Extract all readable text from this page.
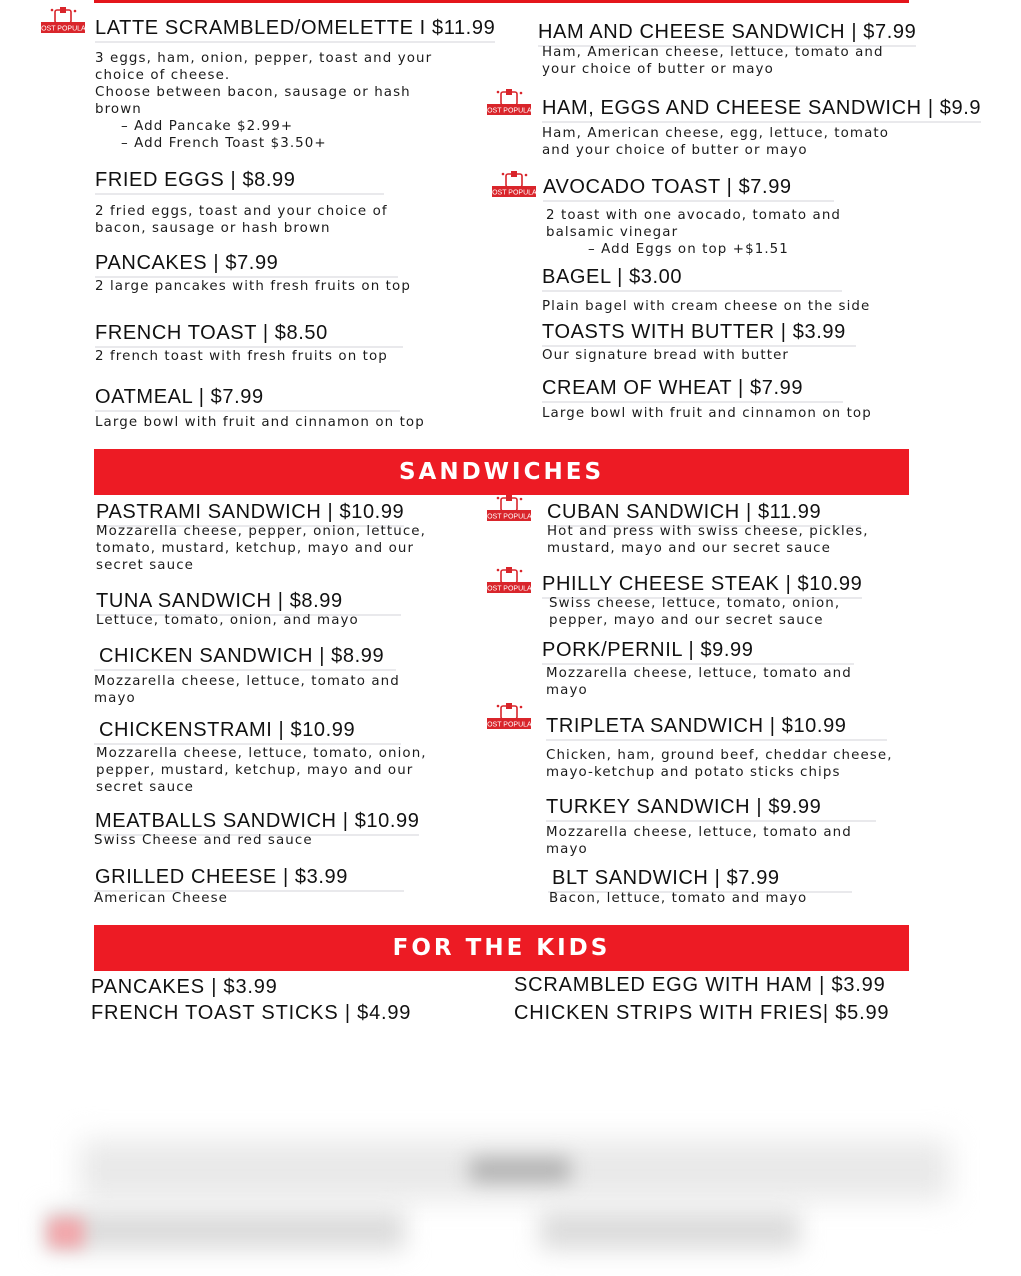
MOST POPULAR LATTE SCRAMBLED/OMELETTE I $11.99
3 eggs, ham, onion, pepper, toast and your
choice of cheese.
Choose between bacon, sausage or hash
brown
– Add Pancake $2.99+
– Add French Toast $3.50+
FRIED EGGS | $8.99
2 fried eggs, toast and your choice of
bacon, sausage or hash brown
PANCAKES | $7.99
2 large pancakes with fresh fruits on top
FRENCH TOAST | $8.50
2 french toast with fresh fruits on top
OATMEAL | $7.99
Large bowl with fruit and cinnamon on top
HAM AND CHEESE SANDWICH | $7.99
Ham, American cheese, lettuce, tomato and
your choice of butter or mayo
MOST POPULAR HAM, EGGS AND CHEESE SANDWICH | $9.9
Ham, American cheese, egg, lettuce, tomato
and your choice of butter or mayo
MOST POPULAR AVOCADO TOAST | $7.99
2 toast with one avocado, tomato and
balsamic vinegar
– Add Eggs on top +$1.51
BAGEL | $3.00
Plain bagel with cream cheese on the side
TOASTS WITH BUTTER | $3.99
Our signature bread with butter
CREAM OF WHEAT | $7.99
Large bowl with fruit and cinnamon on top
SANDWICHES
PASTRAMI SANDWICH | $10.99
Mozzarella cheese, pepper, onion, lettuce,
tomato, mustard, ketchup, mayo and our
secret sauce
TUNA SANDWICH | $8.99
Lettuce, tomato, onion, and mayo
CHICKEN SANDWICH | $8.99
Mozzarella cheese, lettuce, tomato and
mayo
CHICKENSTRAMI | $10.99
Mozzarella cheese, lettuce, tomato, onion,
pepper, mustard, ketchup, mayo and our
secret sauce
MEATBALLS SANDWICH | $10.99
Swiss Cheese and red sauce
GRILLED CHEESE | $3.99
American Cheese
MOST POPULAR CUBAN SANDWICH | $11.99
Hot and press with swiss cheese, pickles,
mustard, mayo and our secret sauce
MOST POPULAR PHILLY CHEESE STEAK | $10.99
Swiss cheese, lettuce, tomato, onion,
pepper, mayo and our secret sauce
PORK/PERNIL | $9.99
Mozzarella cheese, lettuce, tomato and
mayo
MOST POPULAR TRIPLETA SANDWICH | $10.99
Chicken, ham, ground beef, cheddar cheese,
mayo-ketchup and potato sticks chips
TURKEY SANDWICH | $9.99
Mozzarella cheese, lettuce, tomato and
mayo
BLT SANDWICH | $7.99
Bacon, lettuce, tomato and mayo
FOR THE KIDS
PANCAKES | $3.99
FRENCH TOAST STICKS | $4.99
SCRAMBLED EGG WITH HAM | $3.99
CHICKEN STRIPS WITH FRIES| $5.99
